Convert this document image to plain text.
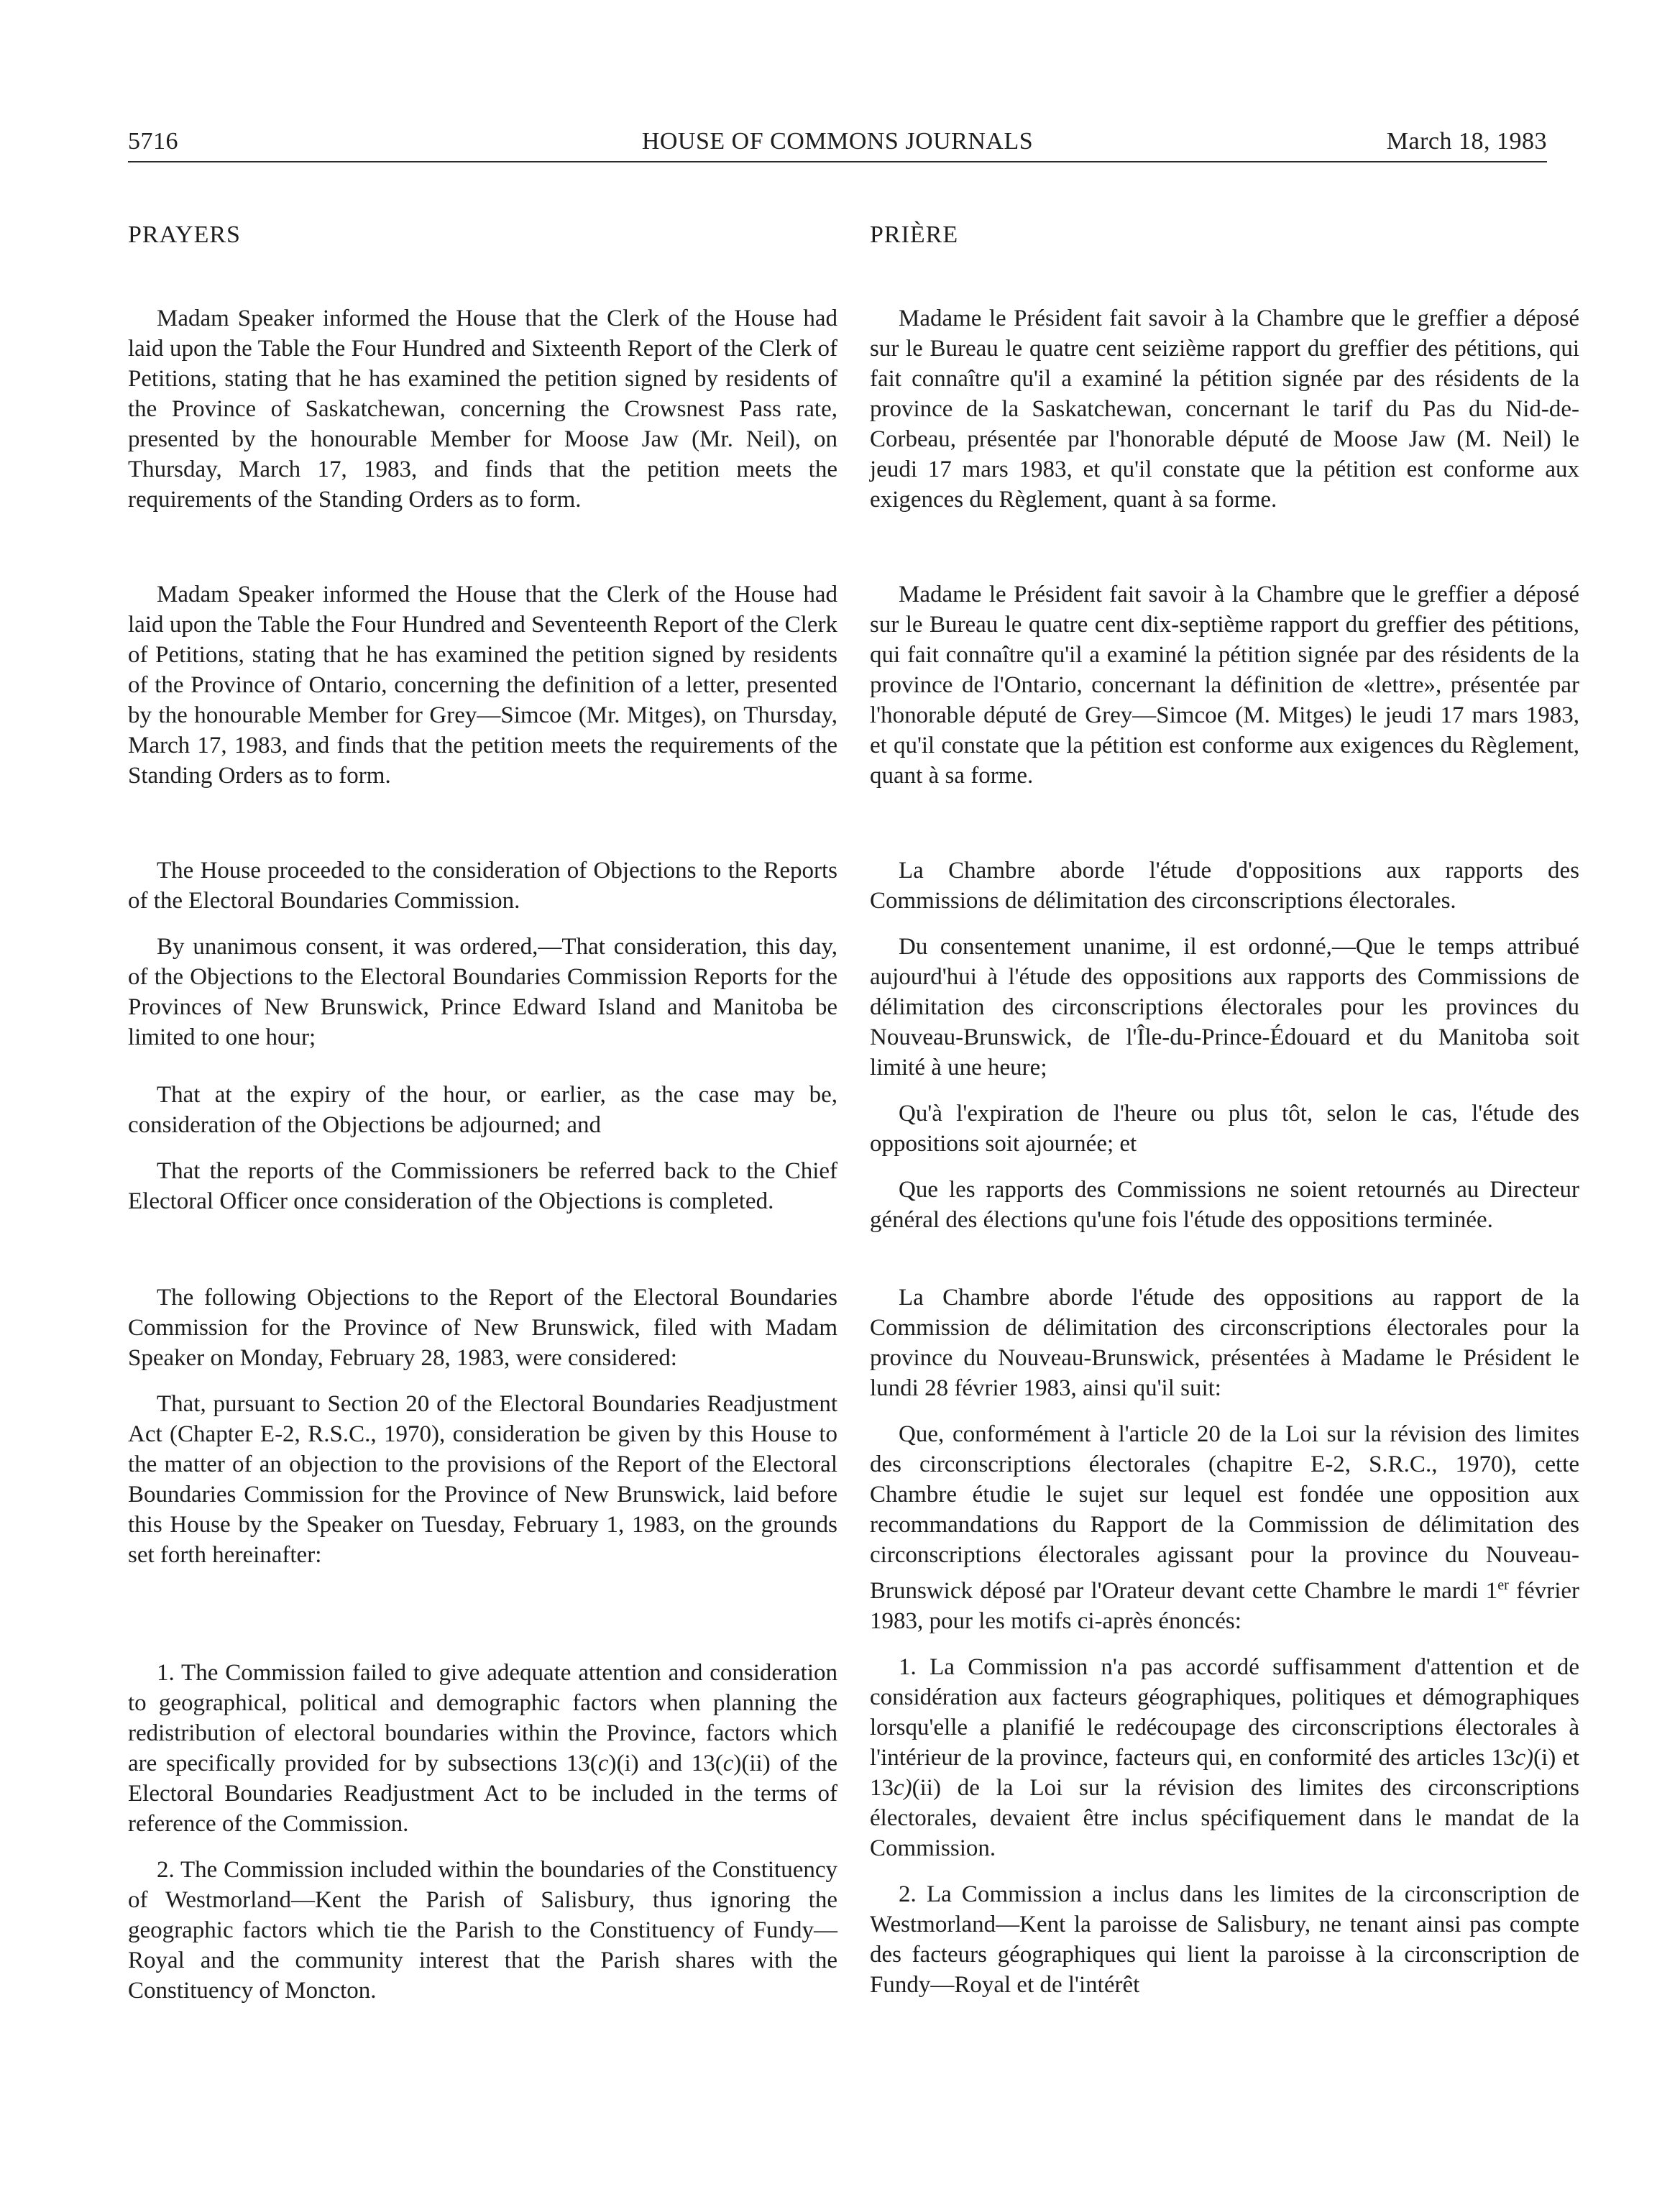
5716	HOUSE OF COMMONS JOURNALS	March 18, 1983
PRAYERS

Madam Speaker informed the House that the Clerk of the House had laid upon the Table the Four Hundred and Sixteenth Report of the Clerk of Petitions, stating that he has examined the petition signed by residents of the Province of Saskatchewan, concerning the Crowsnest Pass rate, presented by the honourable Member for Moose Jaw (Mr. Neil), on Thursday, March 17, 1983, and finds that the petition meets the requirements of the Standing Orders as to form.

Madam Speaker informed the House that the Clerk of the House had laid upon the Table the Four Hundred and Seventeenth Report of the Clerk of Petitions, stating that he has examined the petition signed by residents of the Province of Ontario, concerning the definition of a letter, presented by the honourable Member for Grey—Simcoe (Mr. Mitges), on Thursday, March 17, 1983, and finds that the petition meets the requirements of the Standing Orders as to form.

The House proceeded to the consideration of Objections to the Reports of the Electoral Boundaries Commission.

By unanimous consent, it was ordered,—That consideration, this day, of the Objections to the Electoral Boundaries Commission Reports for the Provinces of New Brunswick, Prince Edward Island and Manitoba be limited to one hour;

That at the expiry of the hour, or earlier, as the case may be, consideration of the Objections be adjourned; and

That the reports of the Commissioners be referred back to the Chief Electoral Officer once consideration of the Objections is completed.

The following Objections to the Report of the Electoral Boundaries Commission for the Province of New Brunswick, filed with Madam Speaker on Monday, February 28, 1983, were considered:

That, pursuant to Section 20 of the Electoral Boundaries Readjustment Act (Chapter E-2, R.S.C., 1970), consideration be given by this House to the matter of an objection to the provisions of the Report of the Electoral Boundaries Commission for the Province of New Brunswick, laid before this House by the Speaker on Tuesday, February 1, 1983, on the grounds set forth hereinafter:

1. The Commission failed to give adequate attention and consideration to geographical, political and demographic factors when planning the redistribution of electoral boundaries within the Province, factors which are specifically provided for by subsections 13(c)(i) and 13(c)(ii) of the Electoral Boundaries Readjustment Act to be included in the terms of reference of the Commission.

2. The Commission included within the boundaries of the Constituency of Westmorland—Kent the Parish of Salisbury, thus ignoring the geographic factors which tie the Parish to the Constituency of Fundy—Royal and the community interest that the Parish shares with the Constituency of Moncton.

PRIÈRE

Madame le Président fait savoir à la Chambre que le greffier a déposé sur le Bureau le quatre cent seizième rapport du greffier des pétitions, qui fait connaître qu'il a examiné la pétition signée par des résidents de la province de la Saskatchewan, concernant le tarif du Pas du Nid-de-Corbeau, présentée par l'honorable député de Moose Jaw (M. Neil) le jeudi 17 mars 1983, et qu'il constate que la pétition est conforme aux exigences du Règlement, quant à sa forme.

Madame le Président fait savoir à la Chambre que le greffier a déposé sur le Bureau le quatre cent dix-septième rapport du greffier des pétitions, qui fait connaître qu'il a examiné la pétition signée par des résidents de la province de l'Ontario, concernant la définition de «lettre», présentée par l'honorable député de Grey—Simcoe (M. Mitges) le jeudi 17 mars 1983, et qu'il constate que la pétition est conforme aux exigences du Règlement, quant à sa forme.

La Chambre aborde l'étude d'oppositions aux rapports des Commissions de délimitation des circonscriptions électorales.

Du consentement unanime, il est ordonné,—Que le temps attribué aujourd'hui à l'étude des oppositions aux rapports des Commissions de délimitation des circonscriptions électorales pour les provinces du Nouveau-Brunswick, de l'Île-du-Prince-Édouard et du Manitoba soit limité à une heure;

Qu'à l'expiration de l'heure ou plus tôt, selon le cas, l'étude des oppositions soit ajournée; et

Que les rapports des Commissions ne soient retournés au Directeur général des élections qu'une fois l'étude des oppositions terminée.

La Chambre aborde l'étude des oppositions au rapport de la Commission de délimitation des circonscriptions électorales pour la province du Nouveau-Brunswick, présentées à Madame le Président le lundi 28 février 1983, ainsi qu'il suit:

Que, conformément à l'article 20 de la Loi sur la révision des limites des circonscriptions électorales (chapitre E-2, S.R.C., 1970), cette Chambre étudie le sujet sur lequel est fondée une opposition aux recommandations du Rapport de la Commission de délimitation des circonscriptions électorales agissant pour la province du Nouveau-Brunswick déposé par l'Orateur devant cette Chambre le mardi 1er février 1983, pour les motifs ci-après énoncés:

1. La Commission n'a pas accordé suffisamment d'attention et de considération aux facteurs géographiques, politiques et démographiques lorsqu'elle a planifié le redécoupage des circonscriptions électorales à l'intérieur de la province, facteurs qui, en conformité des articles 13c)(i) et 13c)(ii) de la Loi sur la révision des limites des circonscriptions électorales, devaient être inclus spécifiquement dans le mandat de la Commission.

2. La Commission a inclus dans les limites de la circonscription de Westmorland—Kent la paroisse de Salisbury, ne tenant ainsi pas compte des facteurs géographiques qui lient la paroisse à la circonscription de Fundy—Royal et de l'intérêt
